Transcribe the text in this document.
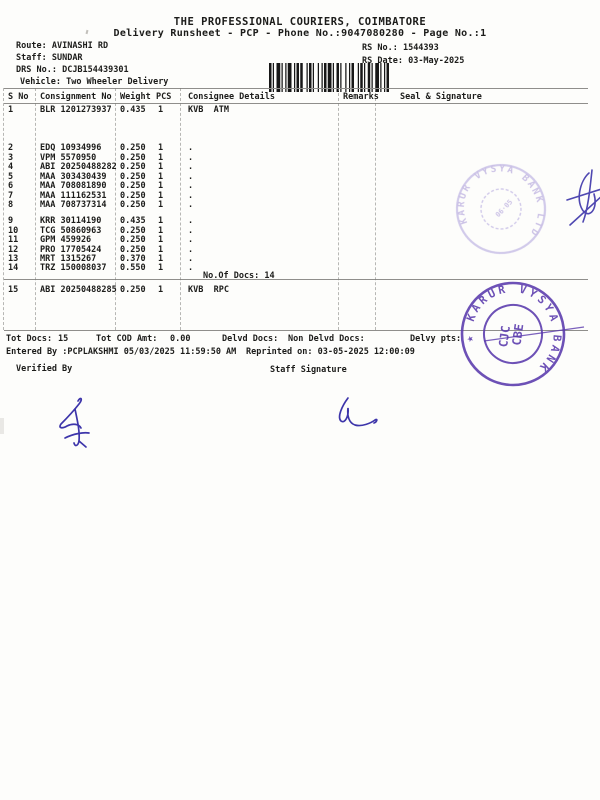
THE PROFESSIONAL COURIERS, COIMBATORE
Delivery Runsheet - PCP - Phone No.:9047080280 - Page No.:1
Route: AVINASHI RD
Staff: SUNDAR
DRS No.: DCJB154439301
Vehicle: Two Wheeler Delivery

RS No.: 1544393
RS Date: 03-May-2025
S No Consignment No Weight PCS Consignee Details	Remarks Seal & Signature
1	BLR 1201273937 0.435 1	KVB  ATM
2	EDQ 10934996 0.250 1	.
3	VPM 5570950	0.250 1	.
4	ABI 20250488282 0.250 1	.
5	MAA 303430439 0.250 1	.
6	MAA 708081890 0.250 1	.
7	MAA 111162531 0.250 1	.
8	MAA 708737314 0.250 1	.
9	KRR 30114190 0.435 1	.
10	TCG 50860963 0.250 1	.
11	GPM 459926	0.250 1	.
12	PRO 17705424 0.250 1	.
13	MRT 1315267	0.370 1	.
14	TRZ 150008037 0.550 1	.
15	ABI 20250488285 0.250 1	KVB  RPC
No.Of Docs: 14

KARUR VYSYA BANK LTD
06·05

★ KARUR VYSYA BANK
CJC CBE

Tot Docs: 15	Tot COD Amt: 0.00	Delvd Docs: Non Delvd Docs:	Delvy pts:
Entered By :PCPLAKSHMI 05/03/2025 11:59:50 AM Reprinted on: 03-05-2025 12:00:09
Verified By	Staff Signature
